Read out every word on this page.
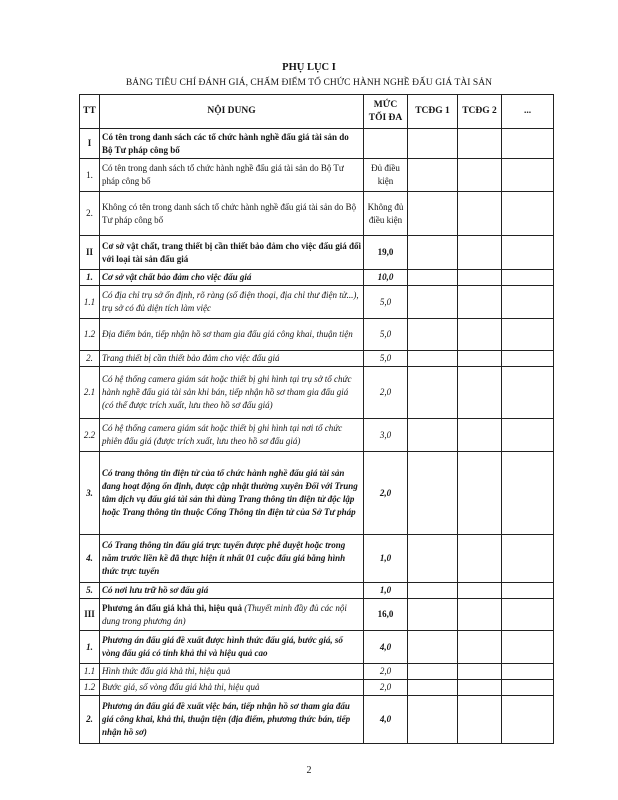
PHỤ LỤC I
BẢNG TIÊU CHÍ ĐÁNH GIÁ, CHẤM ĐIỂM TỔ CHỨC HÀNH NGHỀ ĐẤU GIÁ TÀI SẢN
TT	NỘI DUNG	MỨC TỐI ĐA	TCĐG 1	TCĐG 2	...
I	Có tên trong danh sách các tổ chức hành nghề đấu giá tài sản do Bộ Tư pháp công bố				
1.	Có tên trong danh sách tổ chức hành nghề đấu giá tài sản do Bộ Tư pháp công bố	Đủ điều kiện			
2.	Không có tên trong danh sách tổ chức hành nghề đấu giá tài sản do Bộ Tư pháp công bố	Không đủ điều kiện			
II	Cơ sở vật chất, trang thiết bị cần thiết bảo đảm cho việc đấu giá đối với loại tài sản đấu giá	19,0			
1.	Cơ sở vật chất bảo đảm cho việc đấu giá	10,0			
1.1	Có địa chỉ trụ sở ổn định, rõ ràng (số điện thoại, địa chỉ thư điện tử...), trụ sở có đủ diện tích làm việc	5,0			
1.2	Địa điểm bán, tiếp nhận hồ sơ tham gia đấu giá công khai, thuận tiện	5,0			
2.	Trang thiết bị cần thiết bảo đảm cho việc đấu giá	5,0			
2.1	Có hệ thống camera giám sát hoặc thiết bị ghi hình tại trụ sở tổ chức hành nghề đấu giá tài sản khi bán, tiếp nhận hồ sơ tham gia đấu giá (có thể được trích xuất, lưu theo hồ sơ đấu giá)	2,0			
2.2	Có hệ thống camera giám sát hoặc thiết bị ghi hình tại nơi tổ chức phiên đấu giá (được trích xuất, lưu theo hồ sơ đấu giá)	3,0			
3.	Có trang thông tin điện tử của tổ chức hành nghề đấu giá tài sản đang hoạt động ổn định, được cập nhật thường xuyên Đối với Trung tâm dịch vụ đấu giá tài sản thì dùng Trang thông tin điện tử độc lập hoặc Trang thông tin thuộc Cổng Thông tin điện tử của Sở Tư pháp	2,0			
4.	Có Trang thông tin đấu giá trực tuyến được phê duyệt hoặc trong năm trước liền kề đã thực hiện ít nhất 01 cuộc đấu giá bằng hình thức trực tuyến	1,0			
5.	Có nơi lưu trữ hồ sơ đấu giá	1,0			
III	Phương án đấu giá khả thi, hiệu quả (Thuyết minh đầy đủ các nội dung trong phương án)	16,0			
1.	Phương án đấu giá đề xuất được hình thức đấu giá, bước giá, số vòng đấu giá có tính khả thi và hiệu quả cao	4,0			
1.1	Hình thức đấu giá khả thi, hiệu quả	2,0			
1.2	Bước giá, số vòng đấu giá khả thi, hiệu quả	2,0			
2.	Phương án đấu giá đề xuất việc bán, tiếp nhận hồ sơ tham gia đấu giá công khai, khả thi, thuận tiện (địa điểm, phương thức bán, tiếp nhận hồ sơ)	4,0			
2
